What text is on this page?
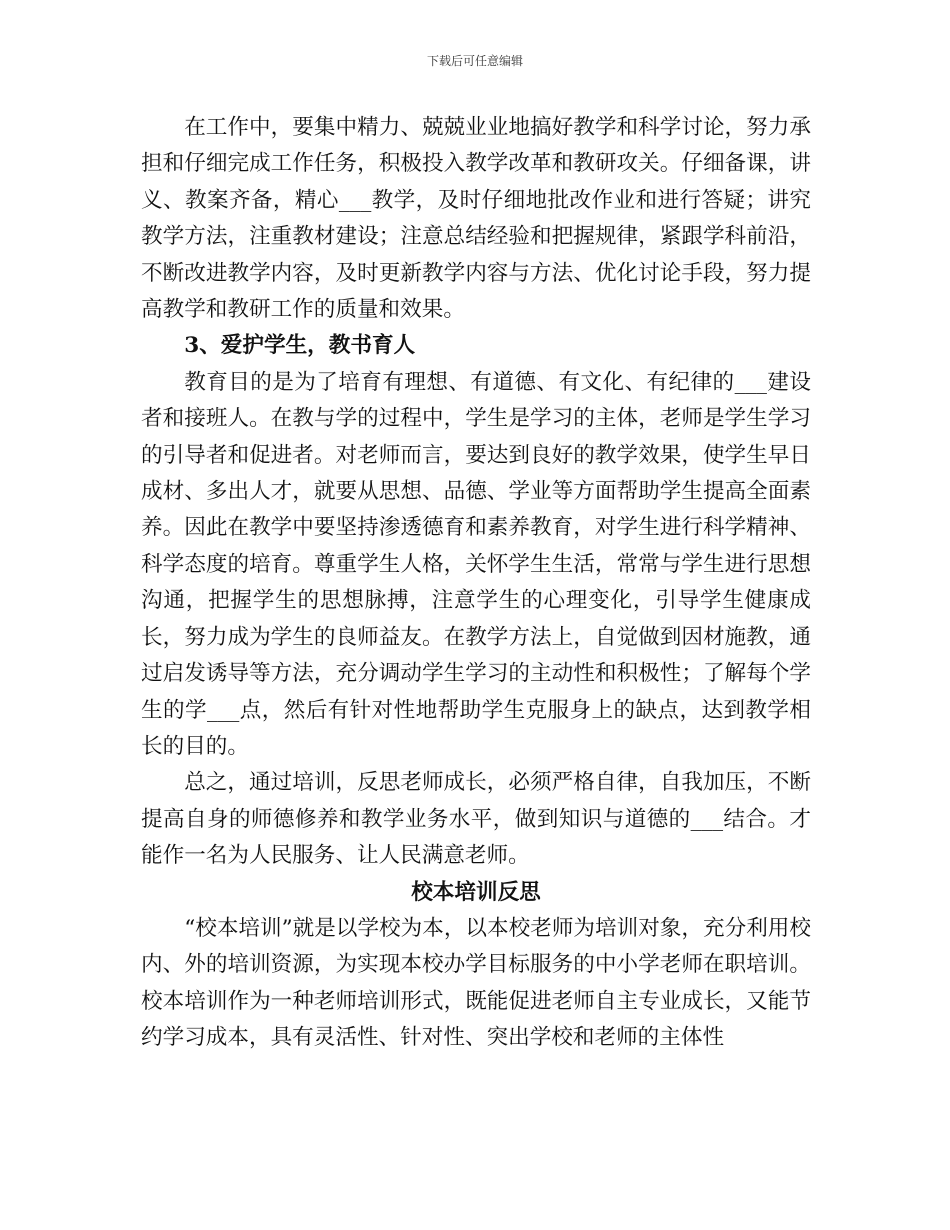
下载后可任意编辑

在工作中，要集中精力、兢兢业业地搞好教学和科学讨论，努力承担和仔细完成工作任务，积极投入教学改革和教研攻关。仔细备课，讲义、教案齐备，精心___教学，及时仔细地批改作业和进行答疑；讲究教学方法，注重教材建设；注意总结经验和把握规律，紧跟学科前沿，不断改进教学内容，及时更新教学内容与方法、优化讨论手段，努力提高教学和教研工作的质量和效果。

3、爱护学生，教书育人

教育目的是为了培育有理想、有道德、有文化、有纪律的___建设者和接班人。在教与学的过程中，学生是学习的主体，老师是学生学习的引导者和促进者。对老师而言，要达到良好的教学效果，使学生早日成材、多出人才，就要从思想、品德、学业等方面帮助学生提高全面素养。因此在教学中要坚持渗透德育和素养教育，对学生进行科学精神、科学态度的培育。尊重学生人格，关怀学生生活，常常与学生进行思想沟通，把握学生的思想脉搏，注意学生的心理变化，引导学生健康成长，努力成为学生的良师益友。在教学方法上，自觉做到因材施教，通过启发诱导等方法，充分调动学生学习的主动性和积极性；了解每个学生的学___点，然后有针对性地帮助学生克服身上的缺点，达到教学相长的目的。

总之，通过培训，反思老师成长，必须严格自律，自我加压，不断提高自身的师德修养和教学业务水平，做到知识与道德的___结合。才能作一名为人民服务、让人民满意老师。

校本培训反思

“校本培训”就是以学校为本，以本校老师为培训对象，充分利用校内、外的培训资源，为实现本校办学目标服务的中小学老师在职培训。校本培训作为一种老师培训形式，既能促进老师自主专业成长，又能节约学习成本，具有灵活性、针对性、突出学校和老师的主体性
